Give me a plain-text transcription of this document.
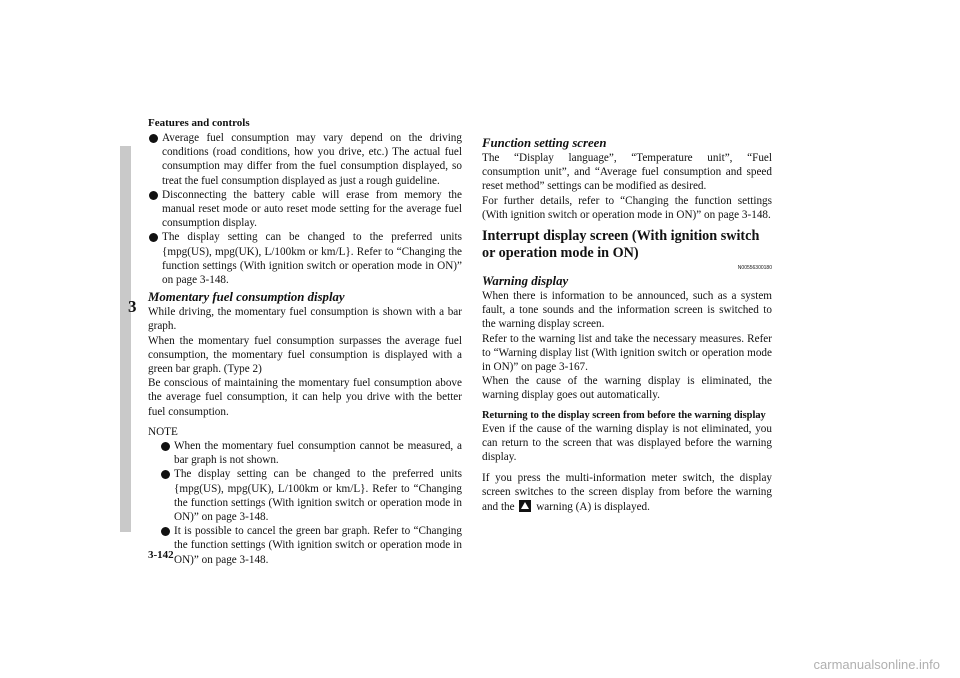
Features and controls
3
Average fuel consumption may vary depend on the driving conditions (road conditions, how you drive, etc.) The actual fuel consumption may differ from the fuel consumption displayed, so treat the fuel consumption displayed as just a rough guideline.
Disconnecting the battery cable will erase from memory the manual reset mode or auto reset mode setting for the average fuel consumption display.
The display setting can be changed to the preferred units {mpg(US), mpg(UK), L/100km or km/L}. Refer to “Changing the function settings (With ignition switch or operation mode in ON)” on page 3-148.
Momentary fuel consumption display

While driving, the momentary fuel consumption is shown with a bar graph.

When the momentary fuel consumption surpasses the average fuel consumption, the momentary fuel consumption is displayed with a green bar graph. (Type 2)

Be conscious of maintaining the momentary fuel consumption above the average fuel consumption, it can help you drive with the better fuel consumption.

NOTE

When the momentary fuel consumption cannot be measured, a bar graph is not shown.
The display setting can be changed to the preferred units {mpg(US), mpg(UK), L/100km or km/L}. Refer to “Changing the function settings (With ignition switch or operation mode in ON)” on page 3-148.
It is possible to cancel the green bar graph. Refer to “Changing the function settings (With ignition switch or operation mode in ON)” on page 3-148.
Function setting screen

The “Display language”, “Temperature unit”, “Fuel consumption unit”, and “Average fuel consumption and speed reset method” settings can be modified as desired.

For further details, refer to “Changing the function settings (With ignition switch or operation mode in ON)” on page 3-148.

Interrupt display screen (With ignition switch or operation mode in ON)
N00556300180
Warning display

When there is information to be announced, such as a system fault, a tone sounds and the information screen is switched to the warning display screen.

Refer to the warning list and take the necessary measures. Refer to “Warning display list (With ignition switch or operation mode in ON)” on page 3-167.

When the cause of the warning display is eliminated, the warning display goes out automatically.

Returning to the display screen from before the warning display

Even if the cause of the warning display is not eliminated, you can return to the screen that was displayed before the warning display.

If you press the multi-information meter switch, the display screen switches to the screen display from before the warning and the warning (A) is displayed.

3-142
carmanualsonline.info
